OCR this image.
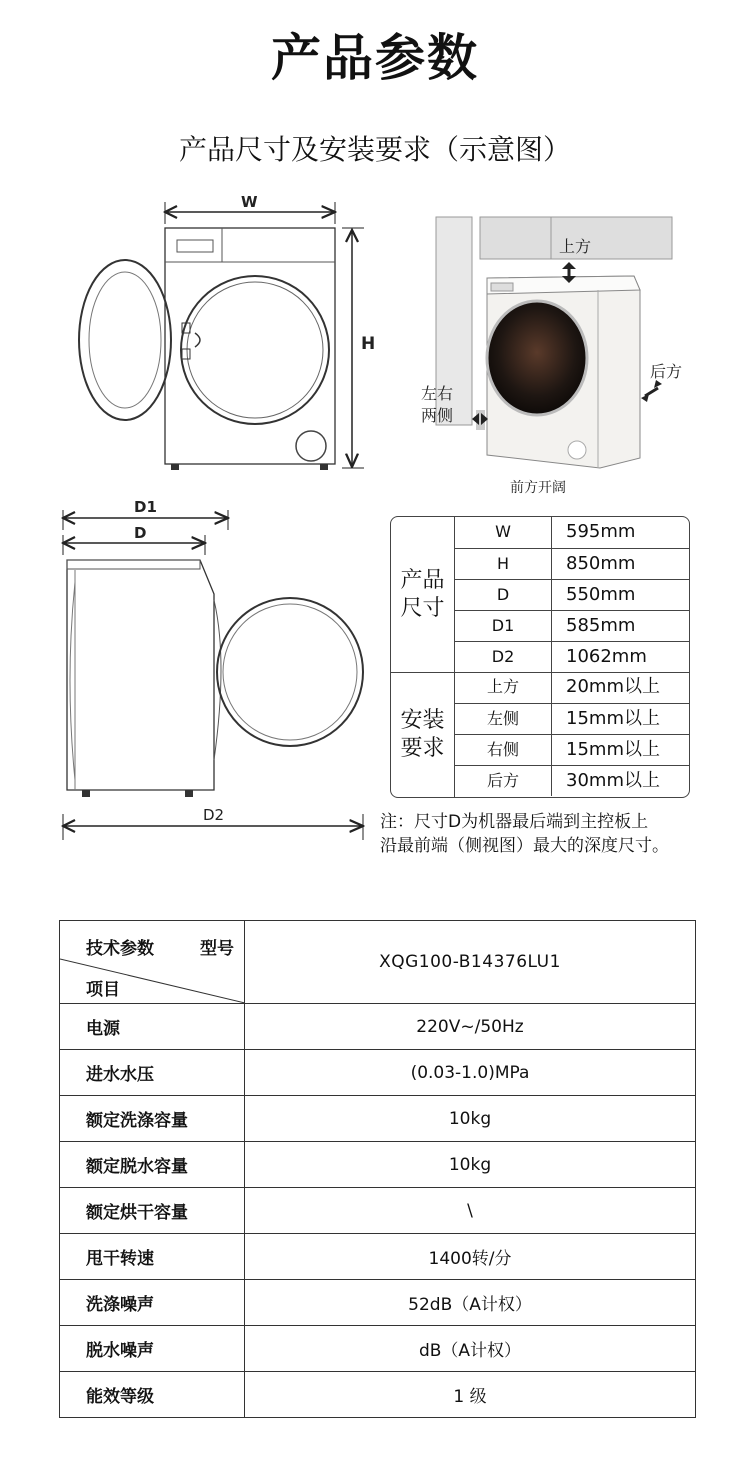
产品参数
产品尺寸及安装要求（示意图）
W
H
上方
后方
左右
两侧
前方开阔
D1
D
D2
产品尺寸
安装要求
W	595mm
H	850mm
D	550mm
D1	585mm
D2	1062mm
上方	20mm以上
左侧	15mm以上
右侧	15mm以上
后方	30mm以上
注：尺寸D为机器最后端到主控板上
沿最前端（侧视图）最大的深度尺寸。
技术参数 型号
项目	XQG100-B14376LU1
电源	220V~/50Hz
进水水压	(0.03-1.0)MPa
额定洗涤容量	10kg
额定脱水容量	10kg
额定烘干容量	\
甩干转速	1400转/分
洗涤噪声	52dB（A计权）
脱水噪声	dB（A计权）
能效等级	1 级
